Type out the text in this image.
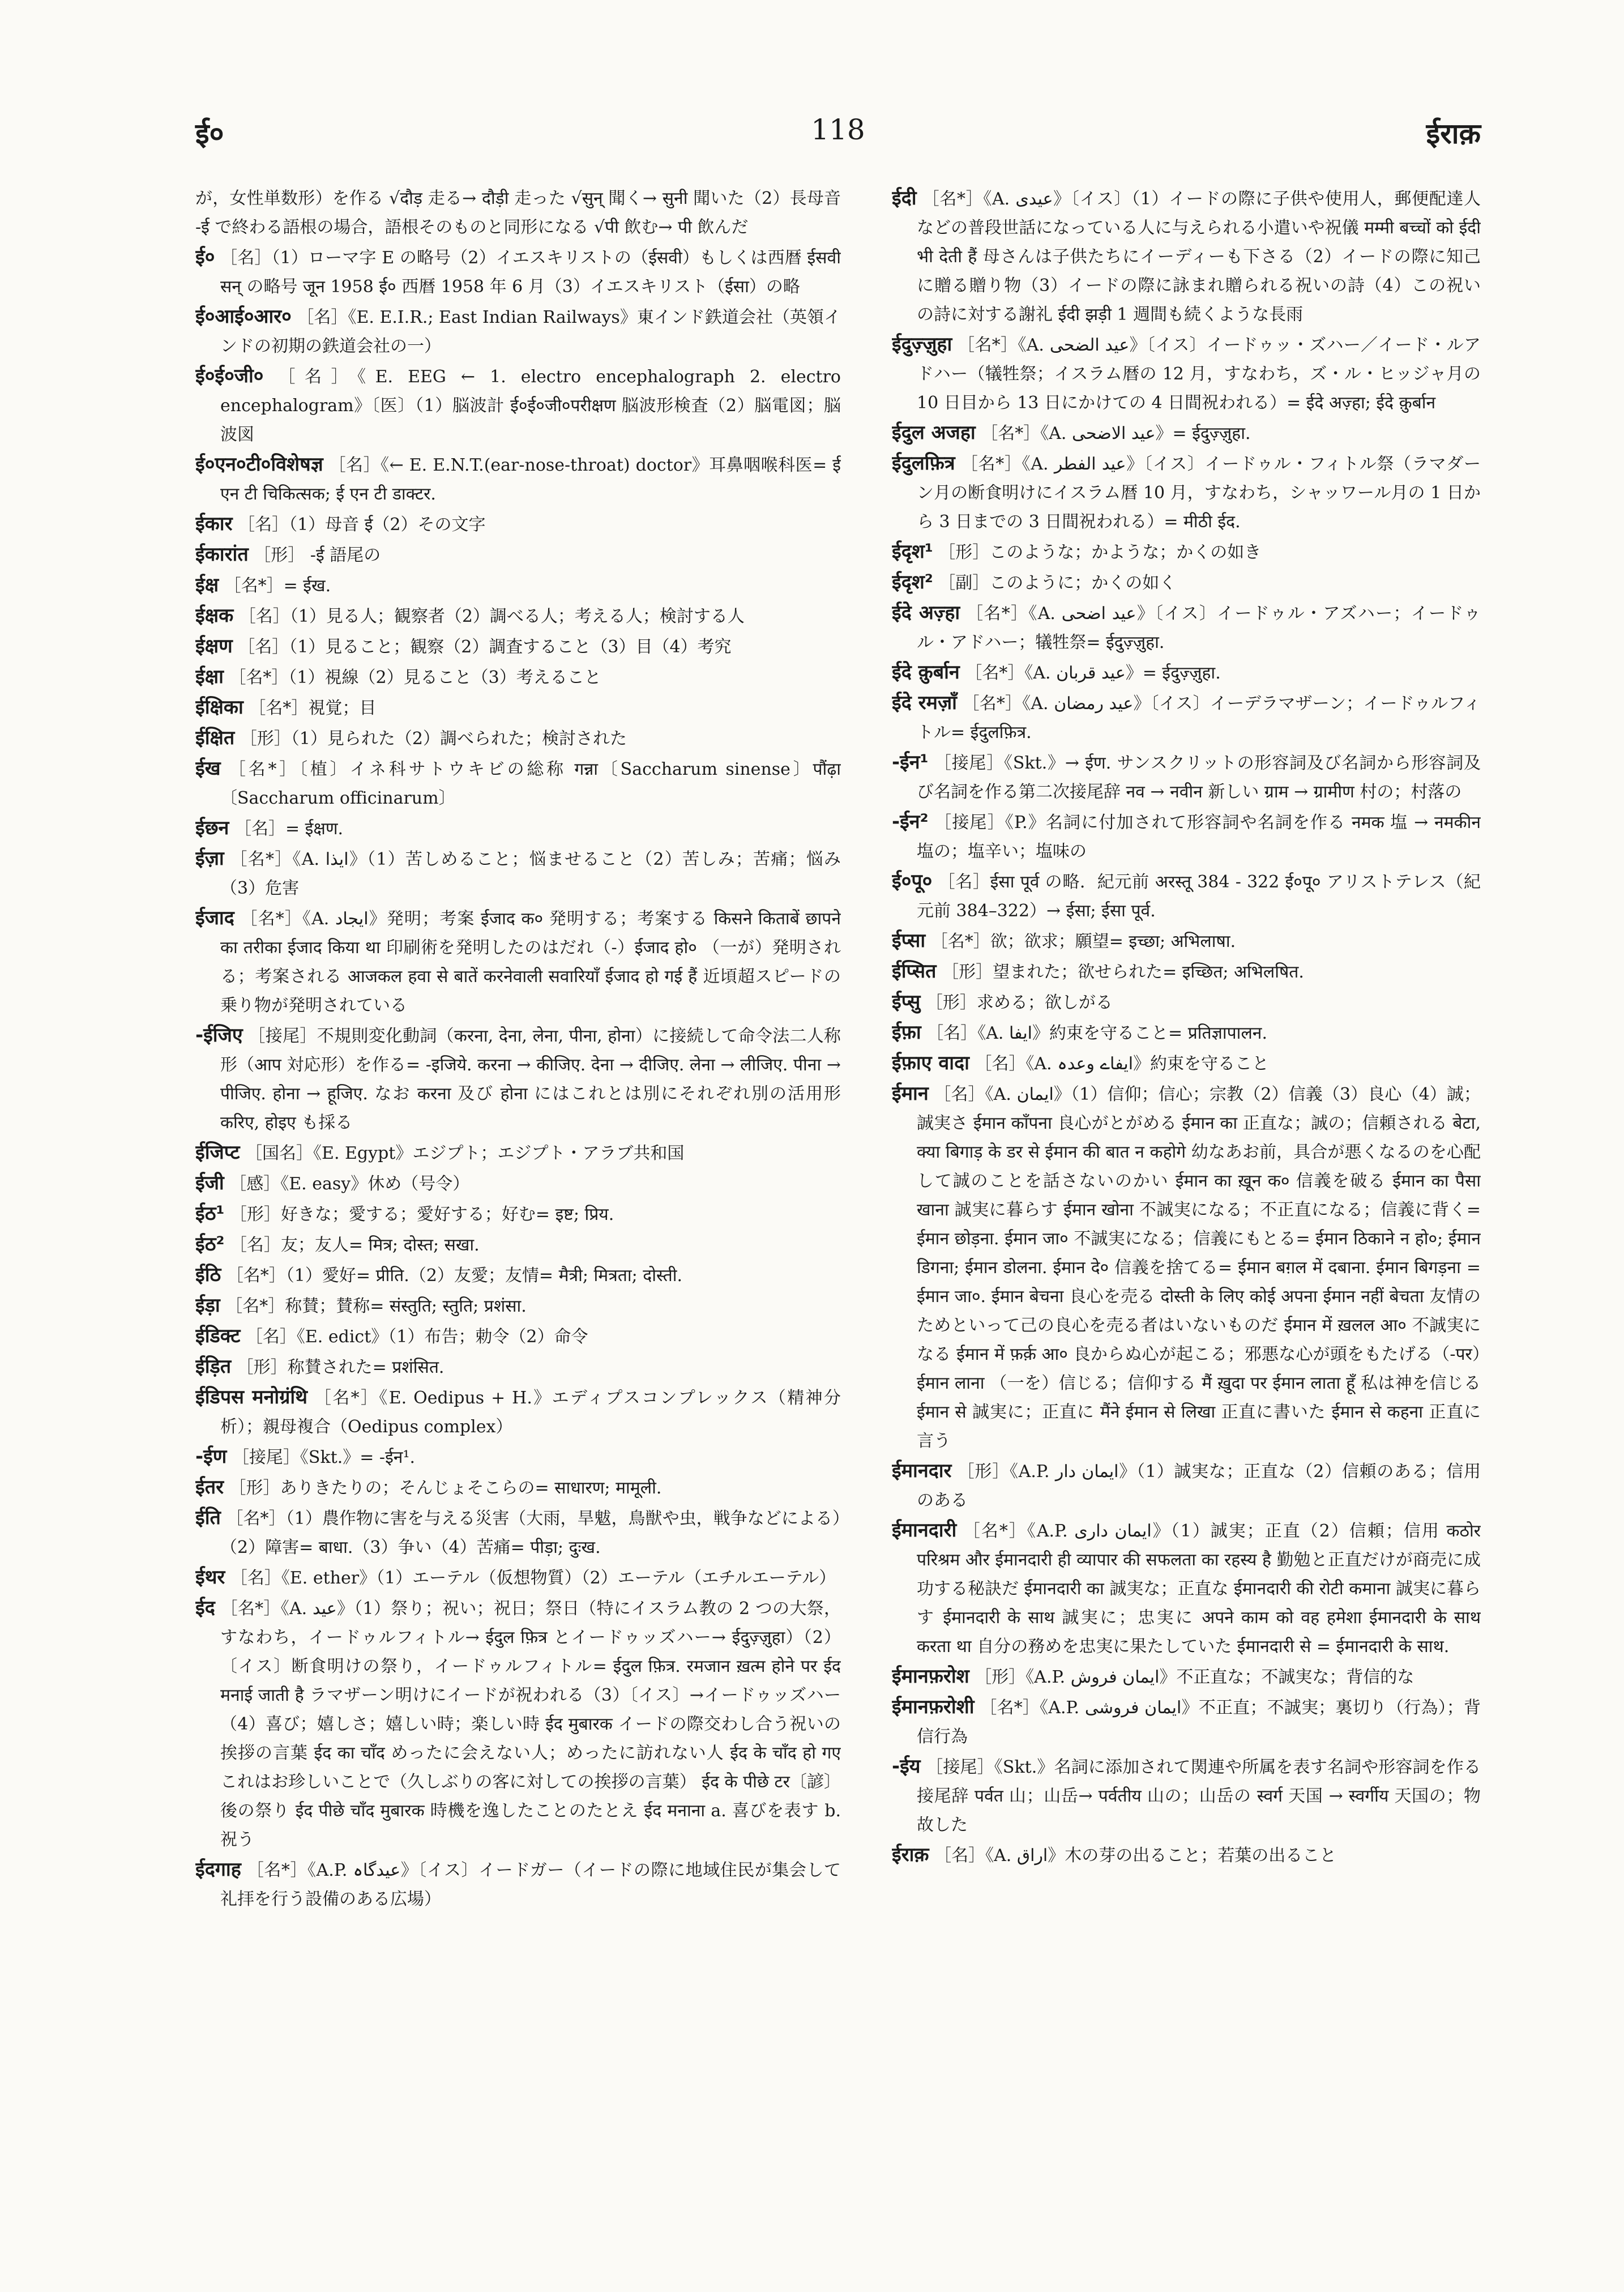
ई०	118	ईराक़

が，女性単数形）を作る √दौड़ 走る→ दौड़ी 走った √सुन् 聞く→ सुनी 聞いた（2）長母音 -ई で終わる語根の場合，語根そのものと同形になる √पी 飲む→ पी 飲んだ

ई० ［名］（1）ローマ字 E の略号（2）イエスキリストの（ईसवी）もしくは西暦 ईसवी सन् の略号 जून 1958 ई० 西暦 1958 年 6 月（3）イエスキリスト（ईसा）の略

ई०आई०आर० ［名］《E. E.I.R.; East Indian Railways》東インド鉄道会社（英領インドの初期の鉄道会社の一）

ई०ई०जी० ［名］《E. EEG ← 1. electro encephalograph 2. electro encephalogram》〔医〕（1）脳波計 ई०ई०जी०परीक्षण 脳波形検査（2）脳電図；脳波図

ई०एन०टी०विशेषज्ञ ［名］《← E. E.N.T.(ear-nose-throat) doctor》耳鼻咽喉科医= ई एन टी चिकित्सक; ई एन टी डाक्टर.

ईकार ［名］（1）母音 ई（2）その文字

ईकारांत ［形］ -ई 語尾の

ईक्ष ［名*］= ईख.

ईक्षक ［名］（1）見る人；観察者（2）調べる人；考える人；検討する人

ईक्षण ［名］（1）見ること；観察（2）調査すること（3）目（4）考究

ईक्षा ［名*］（1）視線（2）見ること（3）考えること

ईक्षिका ［名*］視覚；目

ईक्षित ［形］（1）見られた（2）調べられた；検討された

ईख ［名*］〔植〕イネ科サトウキビの総称 गन्ना〔Saccharum sinense〕पौंढ़ा〔Saccharum officinarum〕

ईछन ［名］= ईक्षण.

ईज़ा ［名*］《A. ایذا》（1）苦しめること；悩ませること（2）苦しみ；苦痛；悩み（3）危害

ईजाद ［名*］《A. ایجاد》発明；考案 ईजाद क० 発明する；考案する किसने किताबें छापने का तरीका ईजाद किया था 印刷術を発明したのはだれ（-）ईजाद हो० （一が）発明される；考案される आजकल हवा से बातें करनेवाली सवारियाँ ईजाद हो गई हैं 近頃超スピードの乗り物が発明されている

-ईजिए ［接尾］不規則変化動詞（करना, देना, लेना, पीना, होना）に接続して命令法二人称形（आप 対応形）を作る= -इजिये. करना → कीजिए. देना → दीजिए. लेना → लीजिए. पीना → पीजिए. होना → हूजिए. なお करना 及び होना にはこれとは別にそれぞれ別の活用形 करिए, होइए も採る

ईजिप्ट ［国名］《E. Egypt》エジプト；エジプト・アラブ共和国

ईजी ［感］《E. easy》休め（号令）

ईठ¹ ［形］好きな；愛する；愛好する；好む= इष्ट; प्रिय.

ईठ² ［名］友；友人= मित्र; दोस्त; सखा.

ईठि ［名*］（1）愛好= प्रीति.（2）友愛；友情= मैत्री; मित्रता; दोस्ती.

ईड़ा ［名*］称賛；賛称= संस्तुति; स्तुति; प्रशंसा.

ईडिक्ट ［名］《E. edict》（1）布告；勅令（2）命令

ईड़ित ［形］称賛された= प्रशंसित.

ईडिपस मनोग्रंथि ［名*］《E. Oedipus + H.》エディプスコンプレックス（精神分析）；親母複合（Oedipus complex）

-ईण ［接尾］《Skt.》= -ईन¹.

ईतर ［形］ありきたりの；そんじょそこらの= साधारण; मामूली.

ईति ［名*］（1）農作物に害を与える災害（大雨，旱魃，鳥獣や虫，戦争などによる）（2）障害= बाधा.（3）争い（4）苦痛= पीड़ा; दुःख.

ईथर ［名］《E. ether》（1）エーテル（仮想物質）（2）エーテル（エチルエーテル）

ईद ［名*］《A. عید》（1）祭り；祝い；祝日；祭日（特にイスラム教の 2 つの大祭，すなわち，イードゥルフィトル→ ईदुल फ़ित्र とイードゥッズハー→ ईदुज़्ज़ुहा）（2）〔イス〕断食明けの祭り，イードゥルフィトル= ईदुल फ़ित्र. रमजान ख़त्म होने पर ईद मनाई जाती है ラマザーン明けにイードが祝われる（3）〔イス〕→イードゥッズハー（4）喜び；嬉しさ；嬉しい時；楽しい時 ईद मुबारक イードの際交わし合う祝いの挨拶の言葉 ईद का चाँद めったに会えない人；めったに訪れない人 ईद के चाँद हो गए これはお珍しいことで（久しぶりの客に対しての挨拶の言葉） ईद के पीछे टर〔諺〕後の祭り ईद पीछे चाँद मुबारक 時機を逸したことのたとえ ईद मनाना a. 喜びを表す b. 祝う

ईदगाह ［名*］《A.P. عیدگاہ》〔イス〕イードガー（イードの際に地域住民が集会して礼拝を行う設備のある広場）

ईदी ［名*］《A. عیدی》〔イス〕（1）イードの際に子供や使用人，郵便配達人などの普段世話になっている人に与えられる小遣いや祝儀 मम्मी बच्चों को ईदी भी देती हैं 母さんは子供たちにイーディーも下さる（2）イードの際に知己に贈る贈り物（3）イードの際に詠まれ贈られる祝いの詩（4）この祝いの詩に対する謝礼 ईदी झड़ी 1 週間も続くような長雨

ईदुज़्ज़ुहा ［名*］《A. عید الضحی》〔イス〕イードゥッ・ズハー／イード・ルアドハー（犠牲祭；イスラム暦の 12 月，すなわち，ズ・ル・ヒッジャ月の 10 日目から 13 日にかけての 4 日間祝われる）= ईदे अज़्हा; ईदे क़ुर्बान

ईदुल अजहा ［名*］《A. عید الاضحی》= ईदुज़्ज़ुहा.

ईदुलफ़ित्र ［名*］《A. عید الفطر》〔イス〕イードゥル・フィトル祭（ラマダーン月の断食明けにイスラム暦 10 月，すなわち，シャッワール月の 1 日から 3 日までの 3 日間祝われる）= मीठी ईद.

ईदृश¹ ［形］このような；かような；かくの如き

ईदृश² ［副］このように；かくの如く

ईदे अज़्हा ［名*］《A. عید اضحی》〔イス〕イードゥル・アズハー；イードゥル・アドハー；犠牲祭= ईदुज़्ज़ुहा.

ईदे क़ुर्बान ［名*］《A. عید قربان》= ईदुज़्ज़ुहा.

ईदे रमज़ाँ ［名*］《A. عید رمضان》〔イス〕イーデラマザーン；イードゥルフィトル= ईदुलफ़ित्र.

-ईन¹ ［接尾］《Skt.》→ ईण. サンスクリットの形容詞及び名詞から形容詞及び名詞を作る第二次接尾辞 नव → नवीन 新しい ग्राम → ग्रामीण 村の；村落の

-ईन² ［接尾］《P.》名詞に付加されて形容詞や名詞を作る नमक 塩 → नमकीन 塩の；塩辛い；塩味の

ई०पू० ［名］ईसा पूर्व の略．紀元前 अरस्तू 384 - 322 ई०पू० アリストテレス（紀元前 384–322）→ ईसा; ईसा पूर्व.

ईप्सा ［名*］欲；欲求；願望= इच्छा; अभिलाषा.

ईप्सित ［形］望まれた；欲せられた= इच्छित; अभिलषित.

ईप्सु ［形］求める；欲しがる

ईफ़ा ［名］《A. ایفا》約束を守ること= प्रतिज्ञापालन.

ईफ़ाए वादा ［名］《A. ایفاے وعدہ》約束を守ること

ईमान ［名］《A. ایمان》（1）信仰；信心；宗教（2）信義（3）良心（4）誠；誠実さ ईमान काँपना 良心がとがめる ईमान का 正直な；誠の；信頼される बेटा, क्या बिगाड़ के डर से ईमान की बात न कहोगे 幼なあお前，具合が悪くなるのを心配して誠のことを話さないのかい ईमान का ख़ून क० 信義を破る ईमान का पैसा खाना 誠実に暮らす ईमान खोना 不誠実になる；不正直になる；信義に背く= ईमान छोड़ना. ईमान जा० 不誠実になる；信義にもとる= ईमान ठिकाने न हो०; ईमान डिगना; ईमान डोलना. ईमान दे० 信義を捨てる= ईमान बग़ल में दबाना. ईमान बिगड़ना = ईमान जा०. ईमान बेचना 良心を売る दोस्ती के लिए कोई अपना ईमान नहीं बेचता 友情のためといって己の良心を売る者はいないものだ ईमान में ख़लल आ० 不誠実になる ईमान में फ़र्क़ आ० 良からぬ心が起こる；邪悪な心が頭をもたげる（-पर）ईमान लाना （一を）信じる；信仰する मैं ख़ुदा पर ईमान लाता हूँ 私は神を信じる ईमान से 誠実に；正直に मैंने ईमान से लिखा 正直に書いた ईमान से कहना 正直に言う

ईमानदार ［形］《A.P. ایمان دار》（1）誠実な；正直な（2）信頼のある；信用のある

ईमानदारी ［名*］《A.P. ایمان داری》（1）誠実；正直（2）信頼；信用 कठोर परिश्रम और ईमानदारी ही व्यापार की सफलता का रहस्य है 勤勉と正直だけが商売に成功する秘訣だ ईमानदारी का 誠実な；正直な ईमानदारी की रोटी कमाना 誠実に暮らす ईमानदारी के साथ 誠実に；忠実に अपने काम को वह हमेशा ईमानदारी के साथ करता था 自分の務めを忠実に果たしていた ईमानदारी से = ईमानदारी के साथ.

ईमानफ़रोश ［形］《A.P. ایمان فروش》不正直な；不誠実な；背信的な

ईमानफ़रोशी ［名*］《A.P. ایمان فروشی》不正直；不誠実；裏切り（行為）；背信行為

-ईय ［接尾］《Skt.》名詞に添加されて関連や所属を表す名詞や形容詞を作る接尾辞 पर्वत 山；山岳→ पर्वतीय 山の；山岳の स्वर्ग 天国 → स्वर्गीय 天国の；物故した

ईराक़ ［名］《A. اراق》木の芽の出ること；若葉の出ること
